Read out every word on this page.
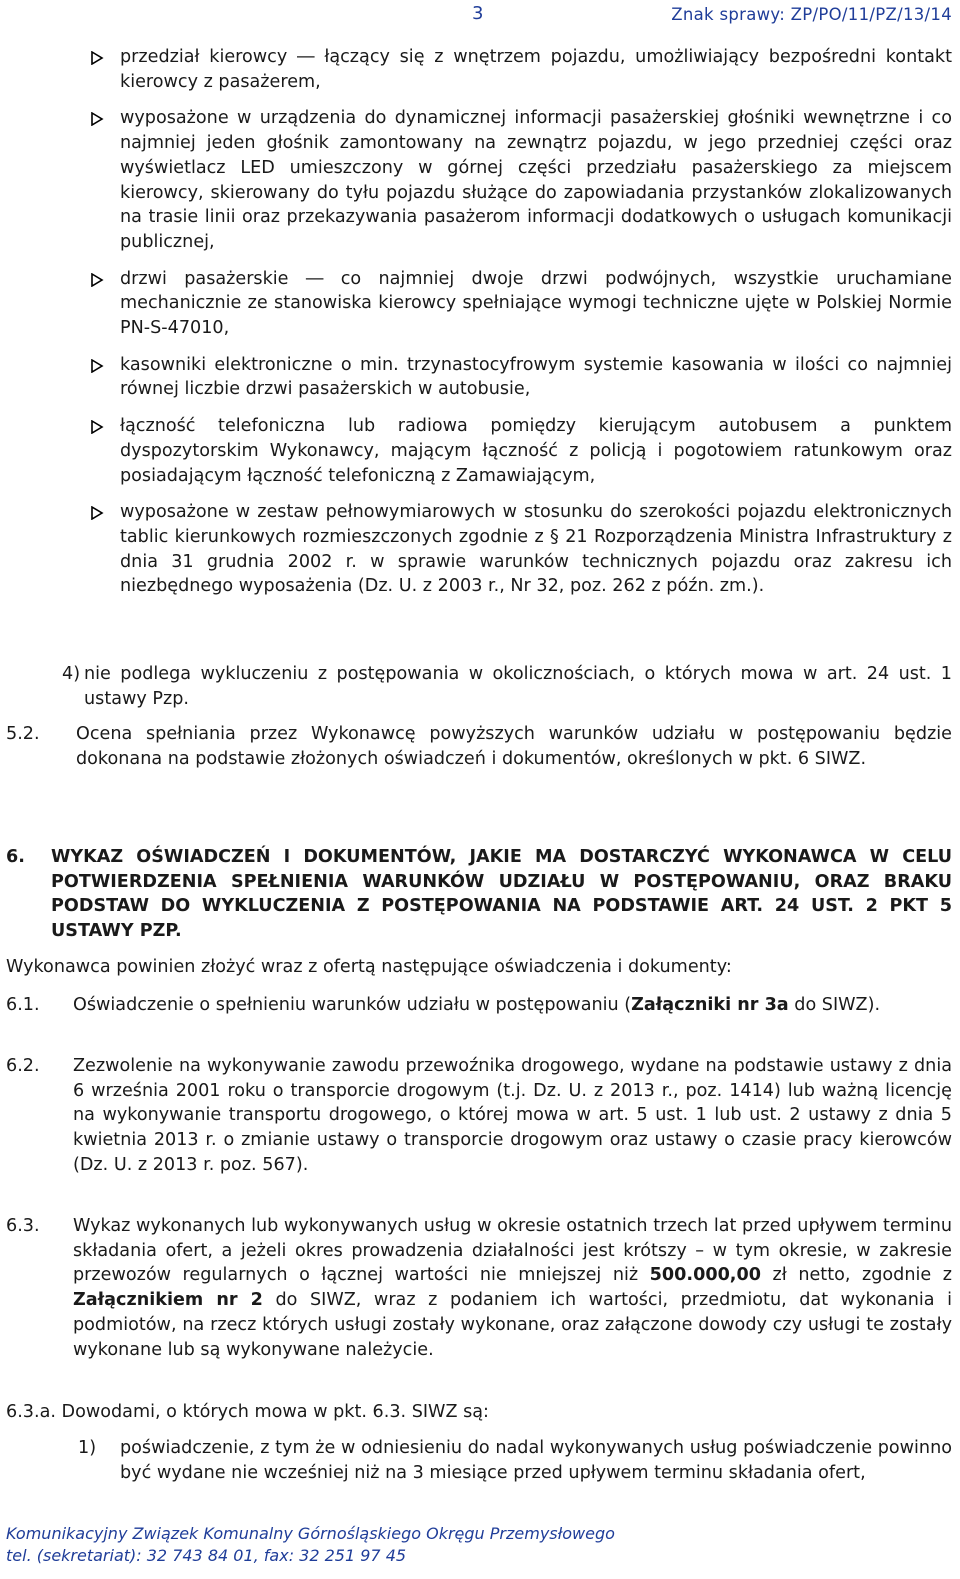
3	Znak sprawy: ZP/PO/11/PZ/13/14
przedział kierowcy ― łączący się z wnętrzem pojazdu, umożliwiający bezpośredni kontakt kierowcy z pasażerem,
wyposażone w urządzenia do dynamicznej informacji pasażerskiej głośniki wewnętrzne i co najmniej jeden głośnik zamontowany na zewnątrz pojazdu, w jego przedniej części oraz wyświetlacz LED umieszczony w górnej części przedziału pasażerskiego za miejscem kierowcy, skierowany do tyłu pojazdu służące do zapowiadania przystanków zlokalizowanych na trasie linii oraz przekazywania pasażerom informacji dodatkowych o usługach komunikacji publicznej,
drzwi pasażerskie ― co najmniej dwoje drzwi podwójnych, wszystkie uruchamiane mechanicznie ze stanowiska kierowcy spełniające wymogi techniczne ujęte w Polskiej Normie PN-S-47010,
kasowniki elektroniczne o min. trzynastocyfrowym systemie kasowania w ilości co najmniej równej liczbie drzwi pasażerskich w autobusie,
łączność telefoniczna lub radiowa pomiędzy kierującym autobusem a punktem dyspozytorskim Wykonawcy, mającym łączność z policją i pogotowiem ratunkowym oraz posiadającym łączność telefoniczną z Zamawiającym,
wyposażone w zestaw pełnowymiarowych w stosunku do szerokości pojazdu elektronicznych tablic kierunkowych rozmieszczonych zgodnie z § 21 Rozporządzenia Ministra Infrastruktury z dnia 31 grudnia 2002 r. w sprawie warunków technicznych pojazdu oraz zakresu ich niezbędnego wyposażenia (Dz. U. z 2003 r., Nr 32, poz. 262 z późn. zm.).
4) nie podlega wykluczeniu z postępowania w okolicznościach, o których mowa w art. 24 ust. 1 ustawy Pzp.
5.2. Ocena spełniania przez Wykonawcę powyższych warunków udziału w postępowaniu będzie dokonana na podstawie złożonych oświadczeń i dokumentów, określonych w pkt. 6 SIWZ.
6.	WYKAZ OŚWIADCZEŃ I DOKUMENTÓW, JAKIE MA DOSTARCZYĆ WYKONAWCA W CELU POTWIERDZENIA SPEŁNIENIA WARUNKÓW UDZIAŁU W POSTĘPOWANIU, ORAZ BRAKU PODSTAW DO WYKLUCZENIA Z POSTĘPOWANIA NA PODSTAWIE ART. 24 UST. 2 PKT 5 USTAWY PZP.
Wykonawca powinien złożyć wraz z ofertą następujące oświadczenia i dokumenty:
6.1. Oświadczenie o spełnieniu warunków udziału w postępowaniu (Załączniki nr 3a do SIWZ).
6.2. Zezwolenie na wykonywanie zawodu przewoźnika drogowego, wydane na podstawie ustawy z dnia 6 września 2001 roku o transporcie drogowym (t.j. Dz. U. z 2013 r., poz. 1414) lub ważną licencję na wykonywanie transportu drogowego, o której mowa w art. 5 ust. 1 lub ust. 2 ustawy z dnia 5 kwietnia 2013 r. o zmianie ustawy o transporcie drogowym oraz ustawy o czasie pracy kierowców (Dz. U. z 2013 r. poz. 567).
6.3. Wykaz wykonanych lub wykonywanych usług w okresie ostatnich trzech lat przed upływem terminu składania ofert, a jeżeli okres prowadzenia działalności jest krótszy – w tym okresie, w zakresie przewozów regularnych o łącznej wartości nie mniejszej niż 500.000,00 zł netto, zgodnie z Załącznikiem nr 2 do SIWZ, wraz z podaniem ich wartości, przedmiotu, dat wykonania i podmiotów, na rzecz których usługi zostały wykonane, oraz załączone dowody czy usługi te zostały wykonane lub są wykonywane należycie.
6.3.a. Dowodami, o których mowa w pkt. 6.3. SIWZ są:
1) poświadczenie, z tym że w odniesieniu do nadal wykonywanych usług poświadczenie powinno być wydane nie wcześniej niż na 3 miesiące przed upływem terminu składania ofert,
Komunikacyjny Związek Komunalny Górnośląskiego Okręgu Przemysłowego
tel. (sekretariat): 32 743 84 01, fax: 32 251 97 45
